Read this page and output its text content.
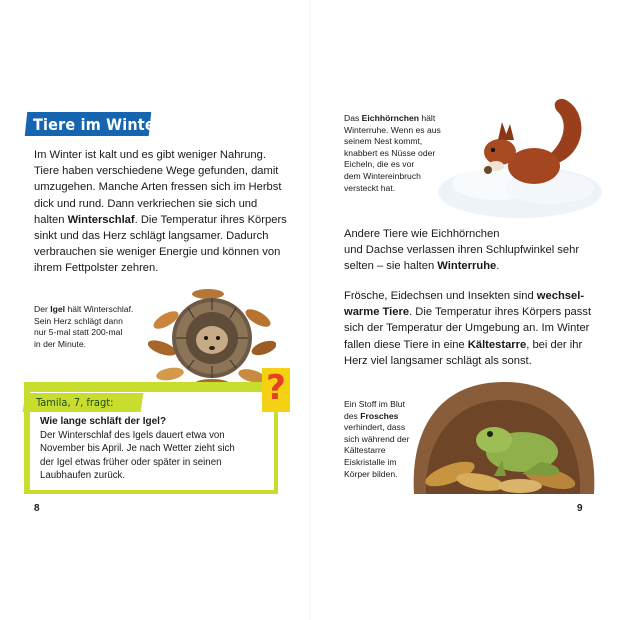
Tiere im Winter
Im Winter ist kalt und es gibt weniger Nahrung.
Tiere haben verschiedene Wege gefunden, damit
umzugehen. Manche Arten fressen sich im Herbst
dick und rund. Dann verkriechen sie sich und
halten Winterschlaf. Die Temperatur ihres Körpers
sinkt und das Herz schlägt langsamer. Dadurch
verbrauchen sie weniger Energie und können von
ihrem Fettpolster zehren.
Der Igel hält Winterschlaf.
Sein Herz schlägt dann
nur 5-mal statt 200-mal
in der Minute.
Tamila, 7, fragt:	?
Wie lange schläft der Igel?
Der Winterschlaf des Igels dauert etwa von
November bis April. Je nach Wetter zieht sich
der Igel etwas früher oder später in seinen
Laubhaufen zurück.
8
Das Eichhörnchen hält
Winterruhe. Wenn es aus
seinem Nest kommt,
knabbert es Nüsse oder
Eicheln, die es vor
dem Wintereinbruch
versteckt hat.
Andere Tiere wie Eichhörnchen
und Dachse verlassen ihren Schlupfwinkel sehr
selten – sie halten Winterruhe.
Frösche, Eidechsen und Insekten sind wechsel-
warme Tiere. Die Temperatur ihres Körpers passt
sich der Temperatur der Umgebung an. Im Winter
fallen diese Tiere in eine Kältestarre, bei der ihr
Herz viel langsamer schlägt als sonst.
Ein Stoff im Blut
des Frosches
verhindert, dass
sich während der
Kältestarre
Eiskristalle im
Körper bilden.
9
